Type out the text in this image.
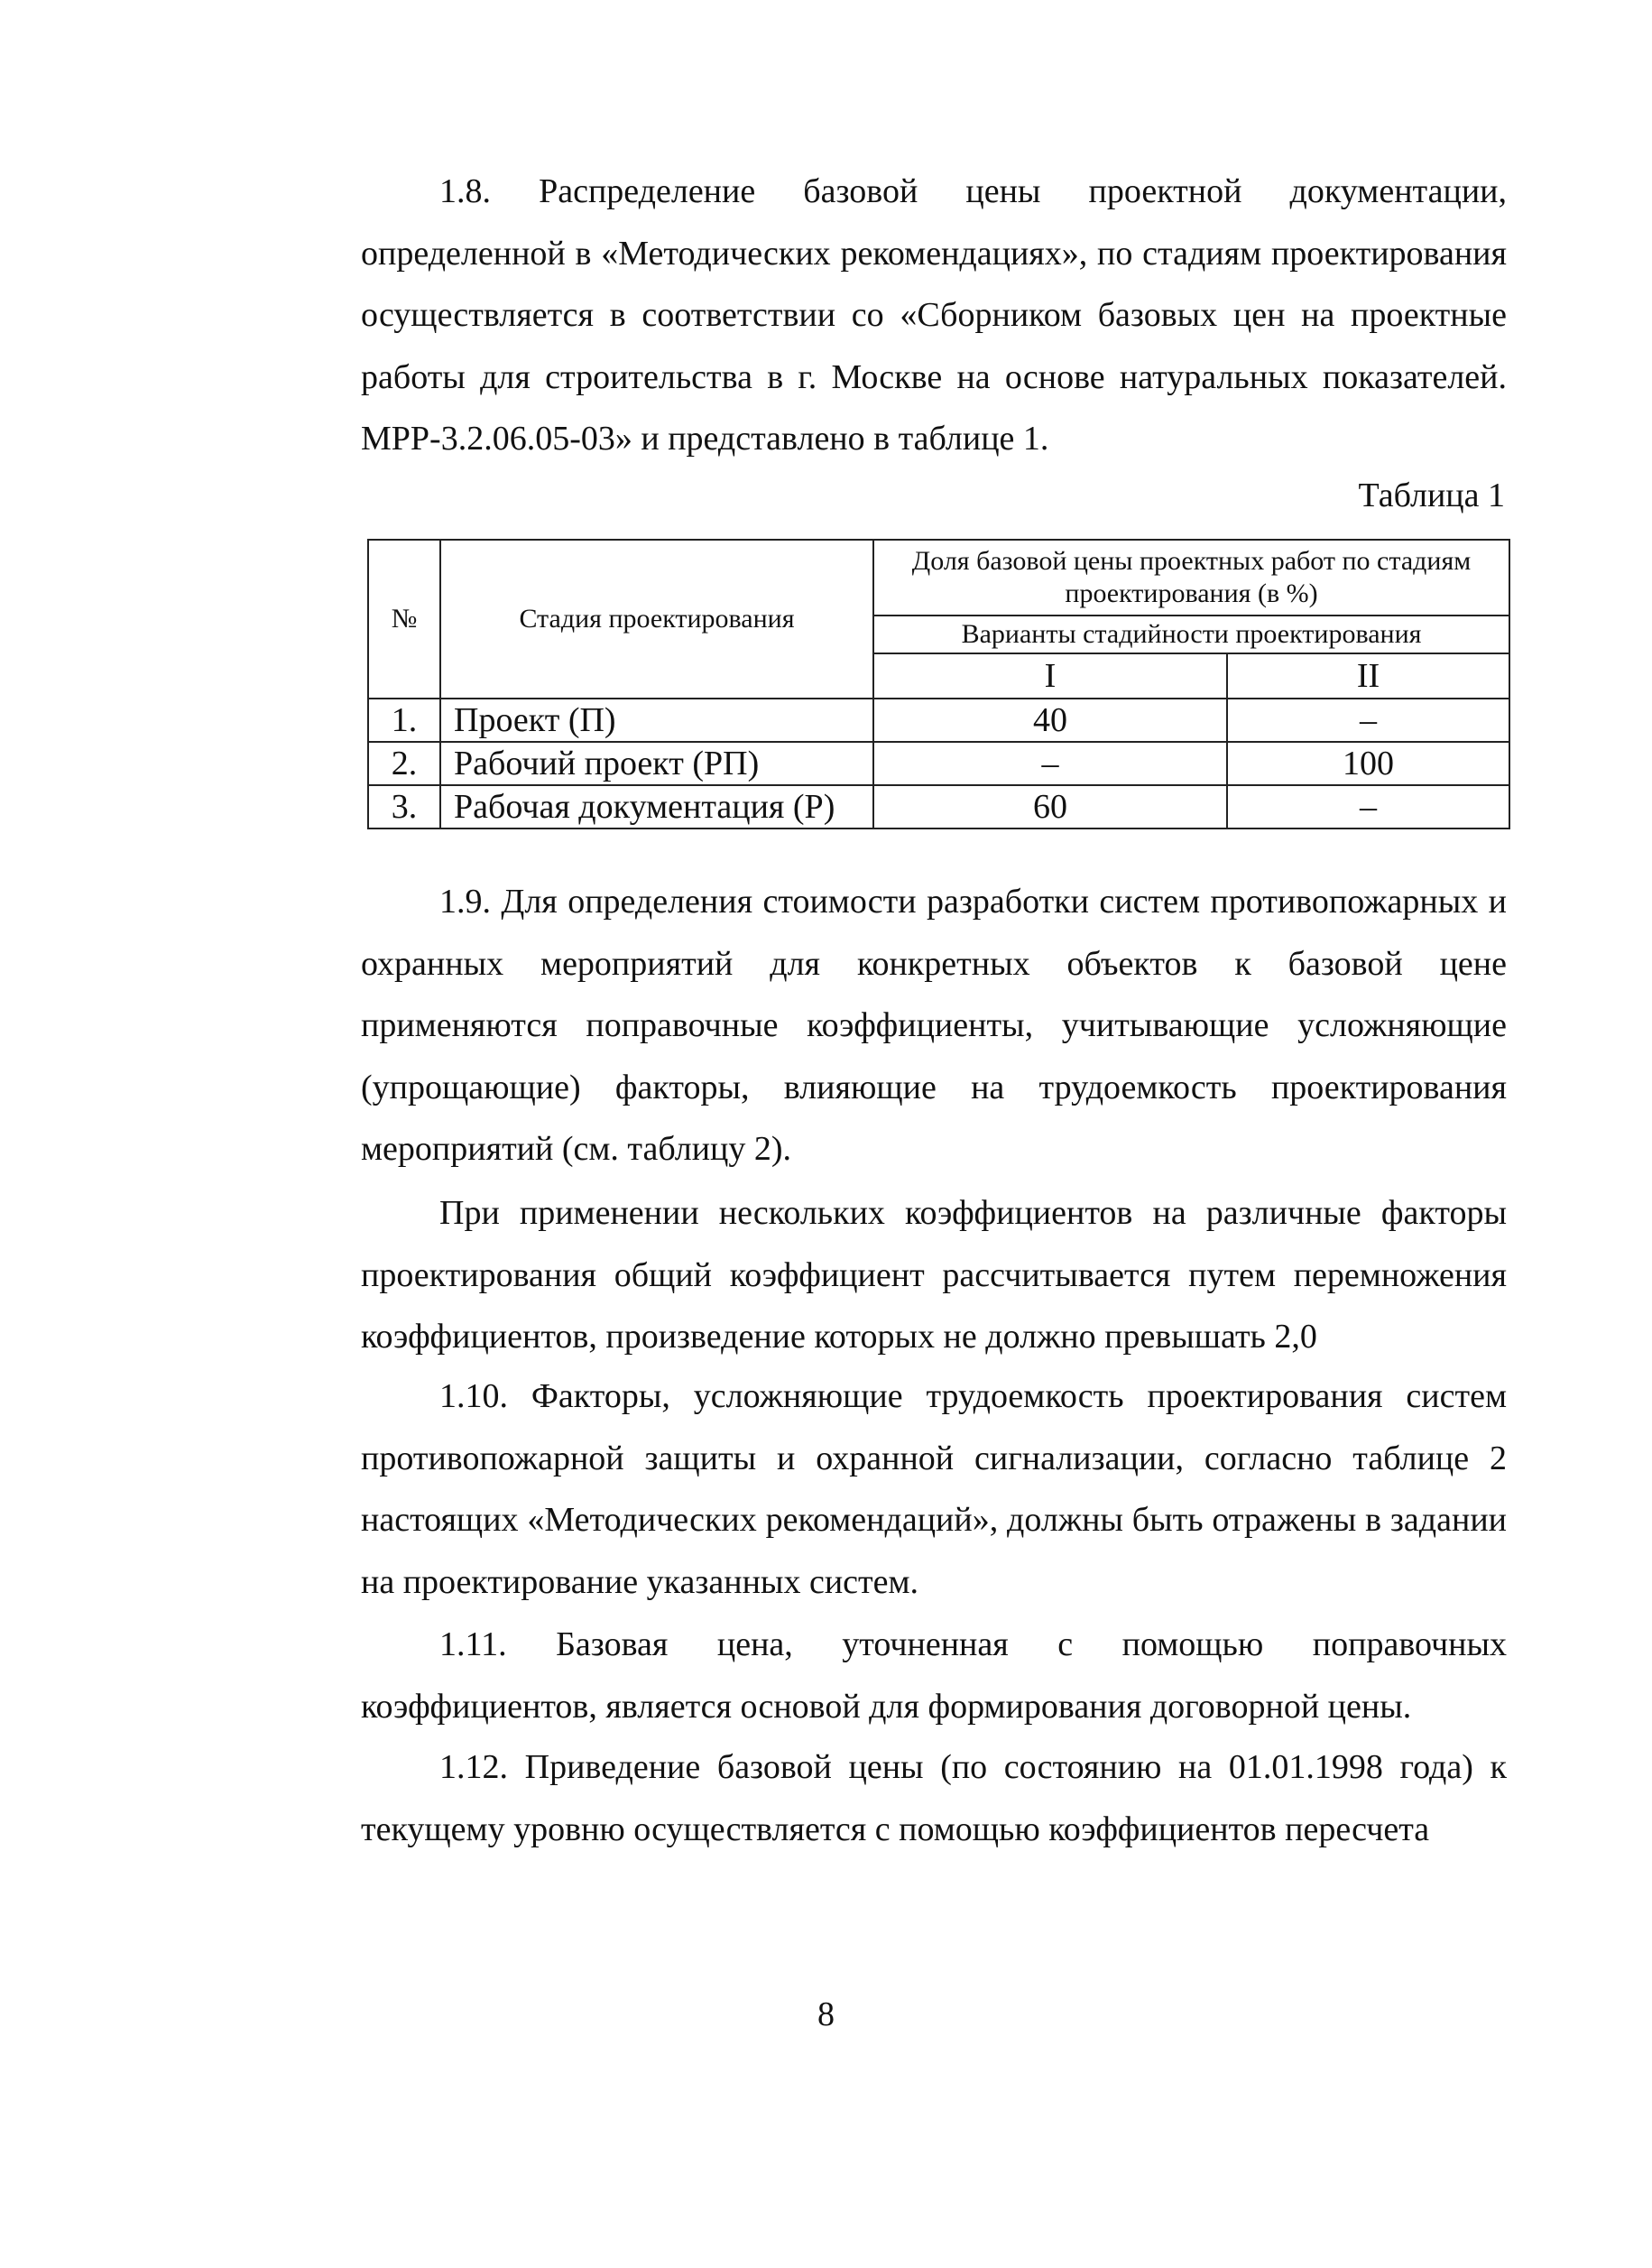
1.8. Распределение базовой цены проектной документации, определенной в «Методических рекомендациях», по стадиям проектирования осуществляется в соответствии со «Сборником базовых цен на проектные работы для строительства в г. Москве на основе натуральных показателей. МРР-3.2.06.05-03» и представлено в таблице 1.

Таблица 1
№	Стадия проектирования	Доля базовой цены проектных работ по стадиям проектирования (в %)	
		Варианты стадийности проектирования	
		I	II
1.	Проект (П)	40	–
2.	Рабочий проект (РП)	–	100
3.	Рабочая документация (Р)	60	–

1.9. Для определения стоимости разработки систем противопожарных и охранных мероприятий для конкретных объектов к базовой цене применяются поправочные коэффициенты, учитывающие усложняющие (упрощающие) факторы, влияющие на трудоемкость проектирования мероприятий (см. таблицу 2).

При применении нескольких коэффициентов на различные факторы проектирования общий коэффициент рассчитывается путем перемножения коэффициентов, произведение которых не должно превышать 2,0

1.10. Факторы, усложняющие трудоемкость проектирования систем противопожарной защиты и охранной сигнализации, согласно таблице 2 настоящих «Методических рекомендаций», должны быть отражены в задании на проектирование указанных систем.

1.11. Базовая цена, уточненная с помощью поправочных коэффициентов, является основой для формирования договорной цены.

1.12. Приведение базовой цены (по состоянию на 01.01.1998 года) к текущему уровню осуществляется с помощью коэффициентов пересчета

8
